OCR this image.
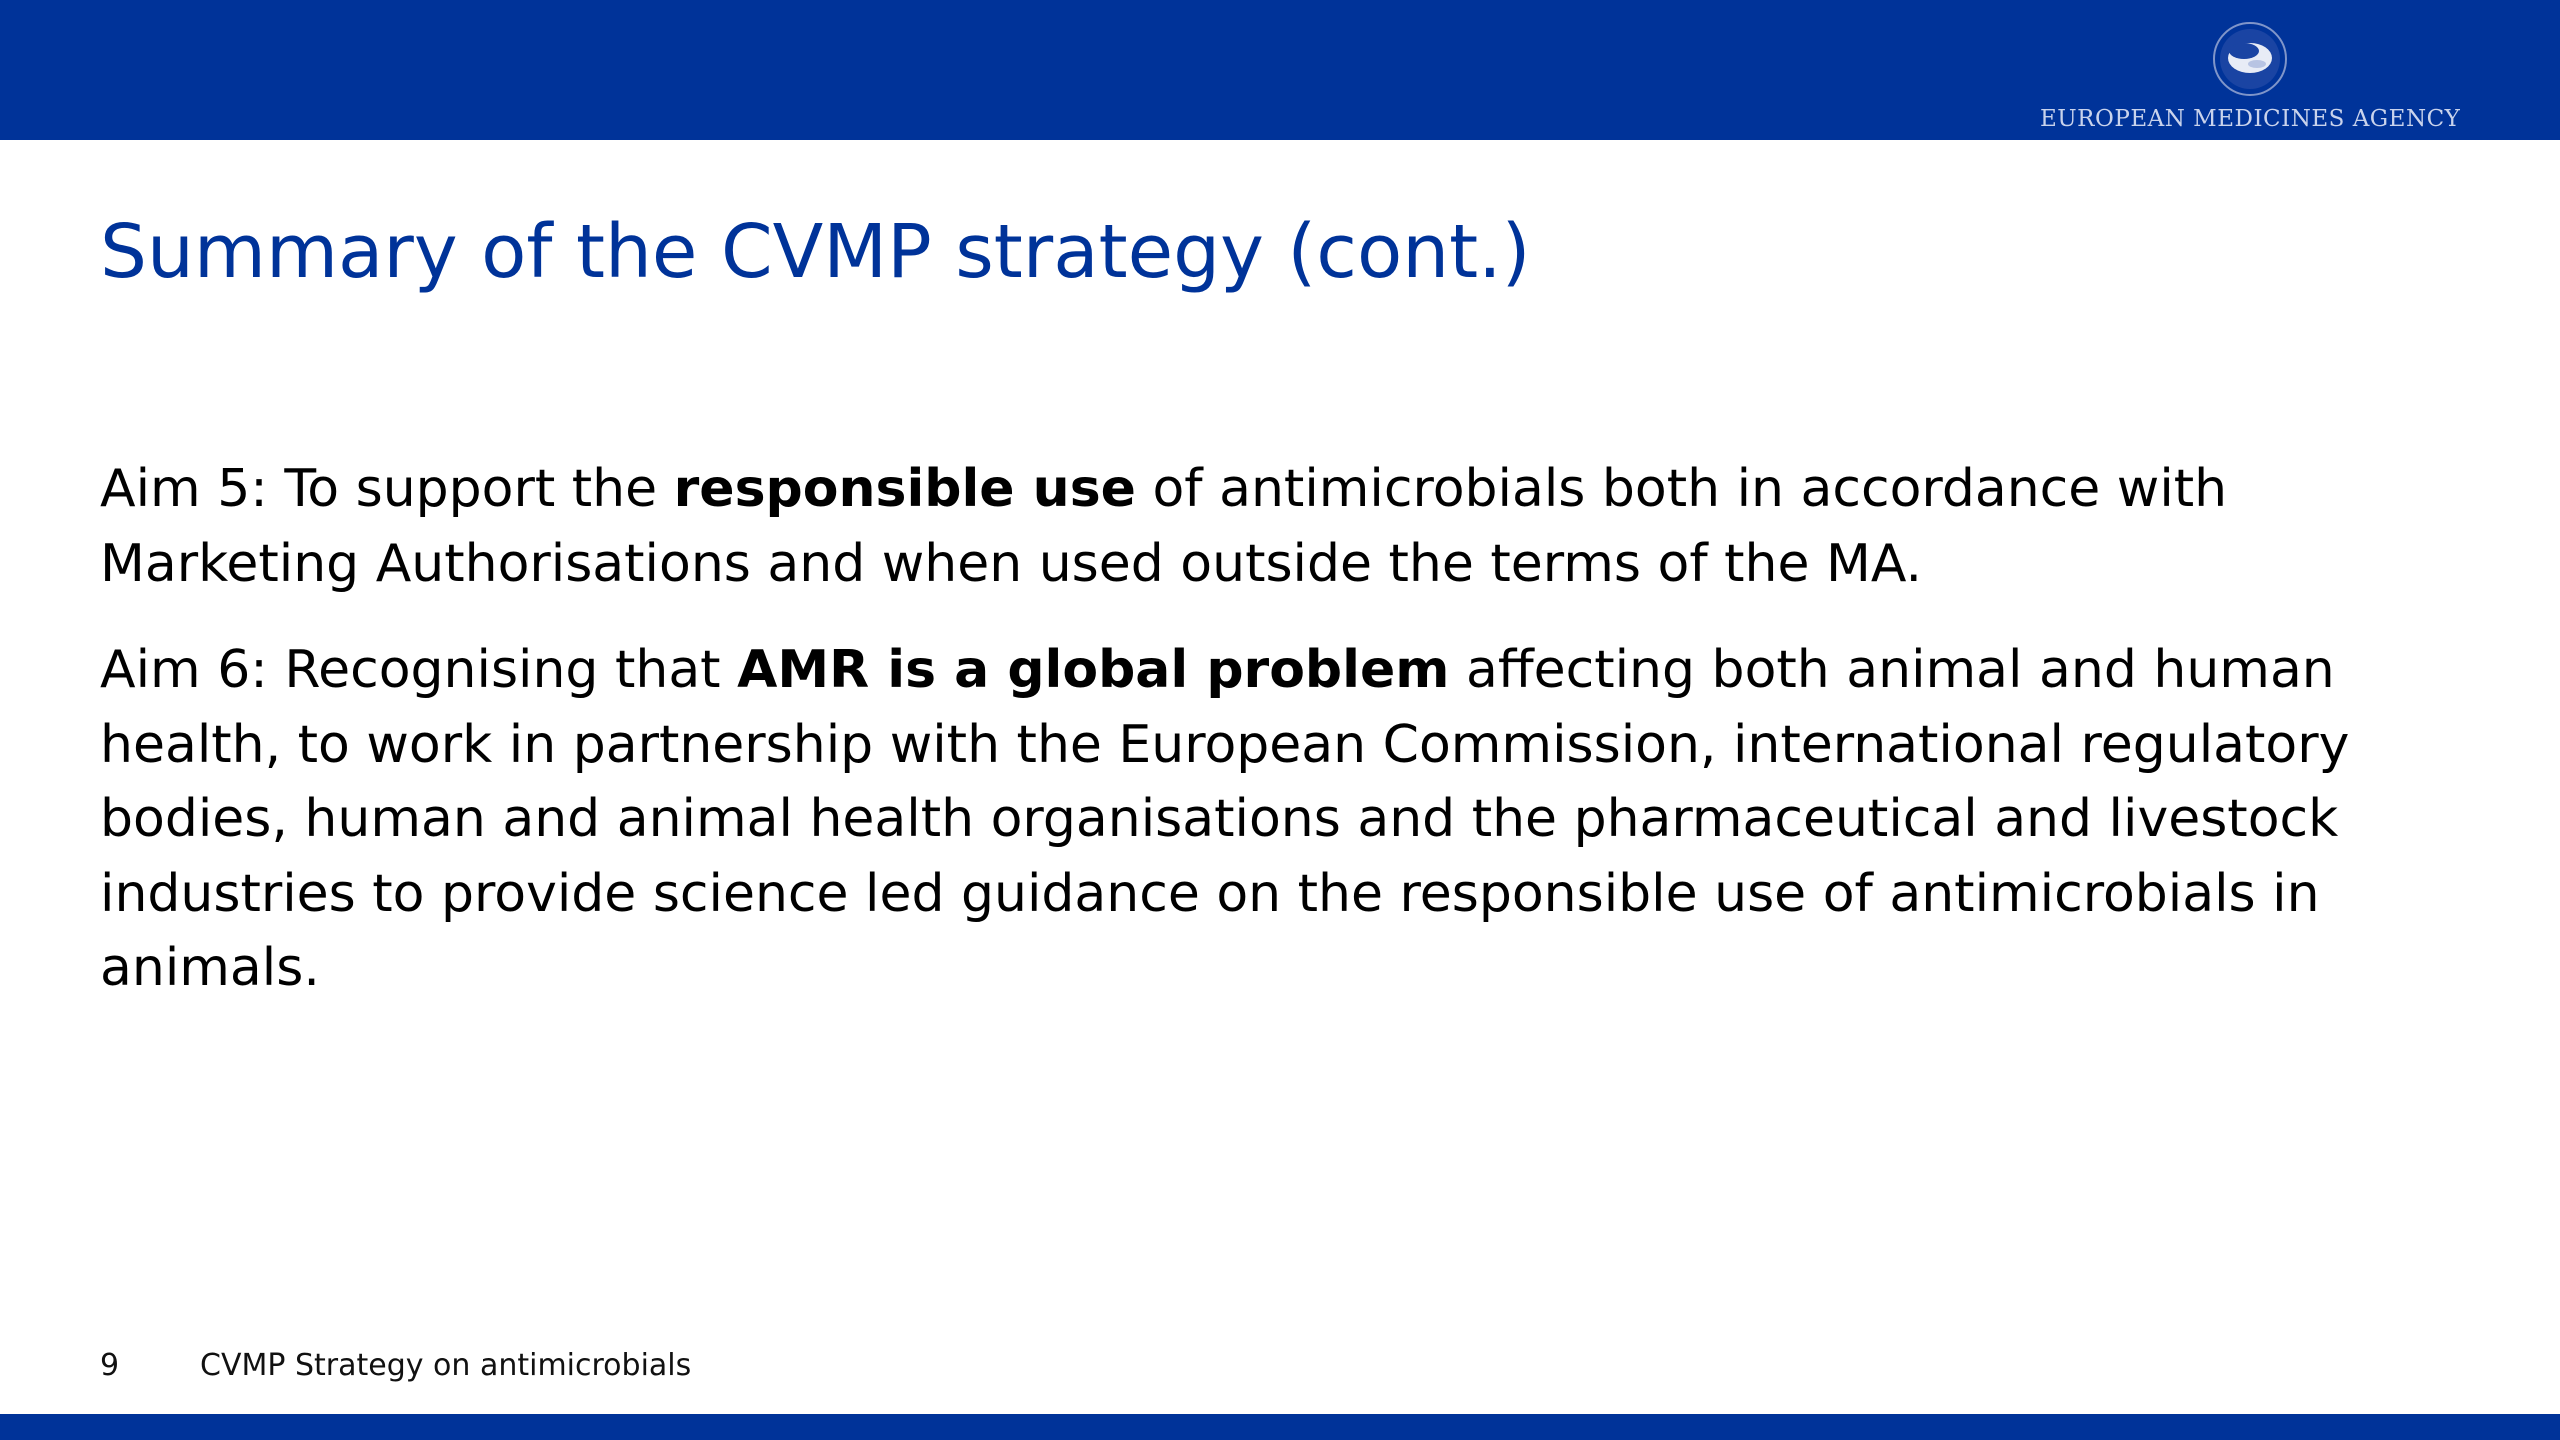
EUROPEAN MEDICINES AGENCY
Summary of the CVMP strategy (cont.)

Aim 5: To support the responsible use of antimicrobials both in accordance with Marketing Authorisations and when used outside the terms of the MA.

Aim 6: Recognising that AMR is a global problem affecting both animal and human health, to work in partnership with the European Commission, international regulatory bodies, human and animal health organisations and the pharmaceutical and livestock industries to provide science led guidance on the responsible use of antimicrobials in animals.

9	CVMP Strategy on antimicrobials
